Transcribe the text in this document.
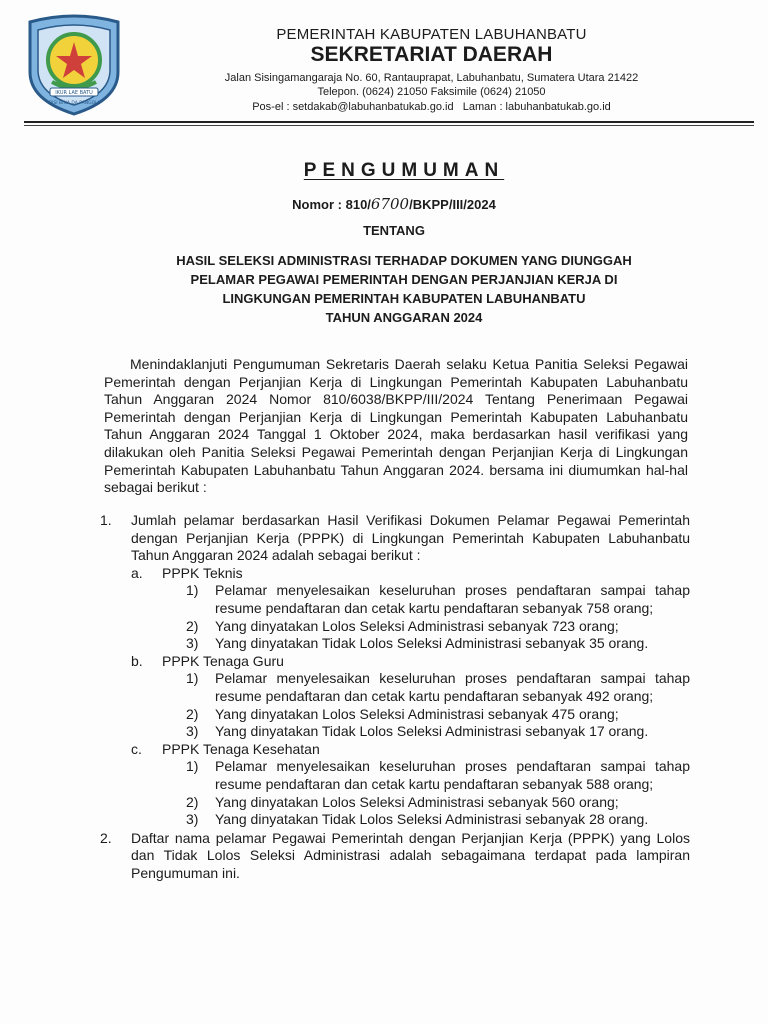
IKUR LAE BATU
BISI BINA DA PANGOLI
PEMERINTAH KABUPATEN LABUHANBATU
SEKRETARIAT DAERAH
Jalan Sisingamangaraja No. 60, Rantauprapat, Labuhanbatu, Sumatera Utara 21422
Telepon. (0624) 21050 Faksimile (0624) 21050
Pos-el : setdakab@labuhanbatukab.go.id   Laman : labuhanbatukab.go.id
PENGUMUMAN
Nomor : 810/6700/BKPP/III/2024
TENTANG
HASIL SELEKSI ADMINISTRASI TERHADAP DOKUMEN YANG DIUNGGAH
PELAMAR PEGAWAI PEMERINTAH DENGAN PERJANJIAN KERJA DI
LINGKUNGAN PEMERINTAH KABUPATEN LABUHANBATU
TAHUN ANGGARAN 2024
Menindaklanjuti Pengumuman Sekretaris Daerah selaku Ketua Panitia Seleksi Pegawai Pemerintah dengan Perjanjian Kerja di Lingkungan Pemerintah Kabupaten Labuhanbatu Tahun Anggaran 2024 Nomor 810/6038/BKPP/III/2024 Tentang Penerimaan Pegawai Pemerintah dengan Perjanjian Kerja di Lingkungan Pemerintah Kabupaten Labuhanbatu Tahun Anggaran 2024 Tanggal 1 Oktober 2024, maka berdasarkan hasil verifikasi yang dilakukan oleh Panitia Seleksi Pegawai Pemerintah dengan Perjanjian Kerja di Lingkungan Pemerintah Kabupaten Labuhanbatu Tahun Anggaran 2024. bersama ini diumumkan hal-hal sebagai berikut :
1. Jumlah pelamar berdasarkan Hasil Verifikasi Dokumen Pelamar Pegawai Pemerintah dengan Perjanjian Kerja (PPPK) di Lingkungan Pemerintah Kabupaten Labuhanbatu Tahun Anggaran 2024 adalah sebagai berikut :
a. PPPK Teknis
1) Pelamar menyelesaikan keseluruhan proses pendaftaran sampai tahap resume pendaftaran dan cetak kartu pendaftaran sebanyak 758 orang;
2) Yang dinyatakan Lolos Seleksi Administrasi sebanyak 723 orang;
3) Yang dinyatakan Tidak Lolos Seleksi Administrasi sebanyak 35 orang.
b. PPPK Tenaga Guru
1) Pelamar menyelesaikan keseluruhan proses pendaftaran sampai tahap resume pendaftaran dan cetak kartu pendaftaran sebanyak 492 orang;
2) Yang dinyatakan Lolos Seleksi Administrasi sebanyak 475 orang;
3) Yang dinyatakan Tidak Lolos Seleksi Administrasi sebanyak 17 orang.
c. PPPK Tenaga Kesehatan
1) Pelamar menyelesaikan keseluruhan proses pendaftaran sampai tahap resume pendaftaran dan cetak kartu pendaftaran sebanyak 588 orang;
2) Yang dinyatakan Lolos Seleksi Administrasi sebanyak 560 orang;
3) Yang dinyatakan Tidak Lolos Seleksi Administrasi sebanyak 28 orang.
2. Daftar nama pelamar Pegawai Pemerintah dengan Perjanjian Kerja (PPPK) yang Lolos dan Tidak Lolos Seleksi Administrasi adalah sebagaimana terdapat pada lampiran Pengumuman ini.
